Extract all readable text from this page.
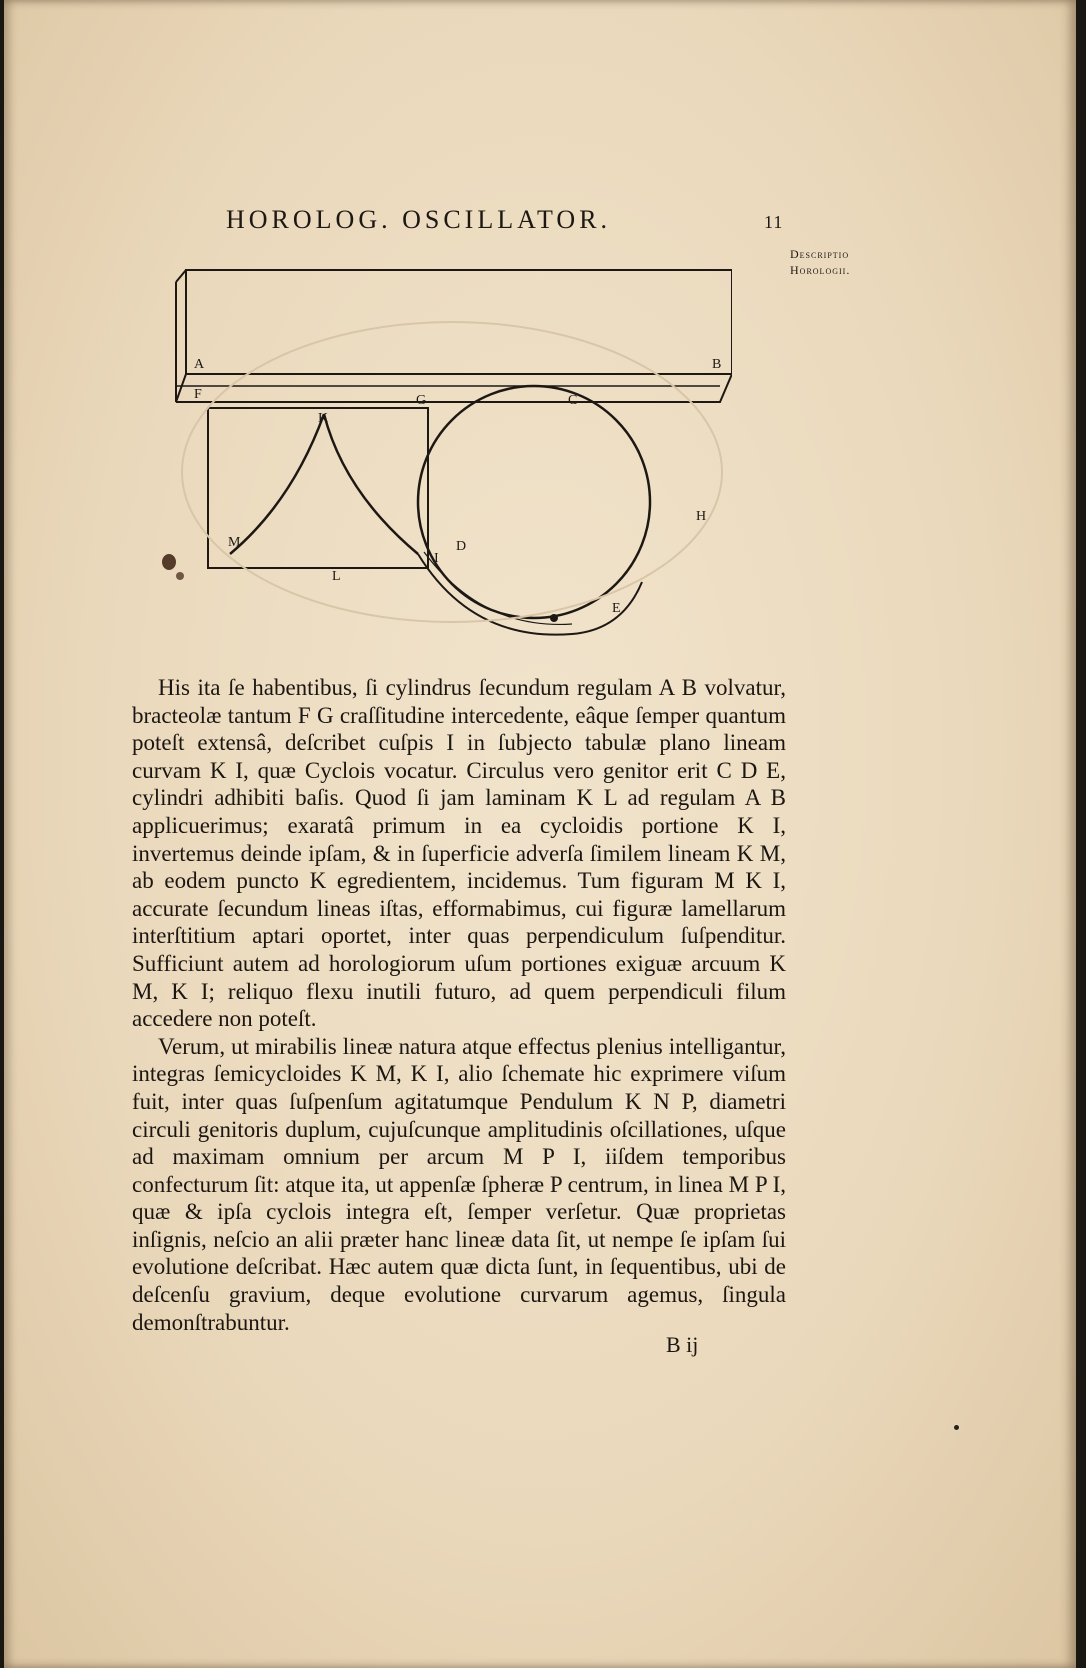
HOROLOG. OSCILLATOR.	11
Descriptio
Horologii.
A	B
F	G	C
K
H
M	D
I
L
E

His ita ſe habentibus, ſi cylindrus ſecundum regulam A B volvatur, bracteolæ tantum F G craſſitudine intercedente, eâque ſemper quantum poteſt extensâ, deſcribet cuſpis I in ſubjecto tabulæ plano lineam curvam K I, quæ Cyclois vocatur. Circulus vero genitor erit C D E, cylindri adhibiti baſis. Quod ſi jam laminam K L ad regulam A B applicuerimus; exaratâ primum in ea cycloidis portione K I, invertemus deinde ipſam, & in ſuperficie adverſa ſimilem lineam K M, ab eodem puncto K egredientem, incidemus. Tum figuram M K I, accurate ſecundum lineas iſtas, efformabimus, cui figuræ lamellarum interſtitium aptari oportet, inter quas perpendiculum ſuſpenditur. Sufficiunt autem ad horologiorum uſum portiones exiguæ arcuum K M, K I; reliquo flexu inutili futuro, ad quem perpendiculi filum accedere non poteſt.

Verum, ut mirabilis lineæ natura atque effectus plenius intelligantur, integras ſemicycloides K M, K I, alio ſchemate hic exprimere viſum fuit, inter quas ſuſpenſum agitatumque Pendulum K N P, diametri circuli genitoris duplum, cujuſcunque amplitudinis oſcillationes, uſque ad maximam omnium per arcum M P I, iiſdem temporibus confecturum ſit: atque ita, ut appenſæ ſpheræ P centrum, in linea M P I, quæ & ipſa cyclois integra eſt, ſemper verſetur. Quæ proprietas inſignis, neſcio an alii præter hanc lineæ data ſit, ut nempe ſe ipſam ſui evolutione deſcribat. Hæc autem quæ dicta ſunt, in ſequentibus, ubi de deſcenſu gravium, deque evolutione curvarum agemus, ſingula demonſtrabuntur.

B ij
